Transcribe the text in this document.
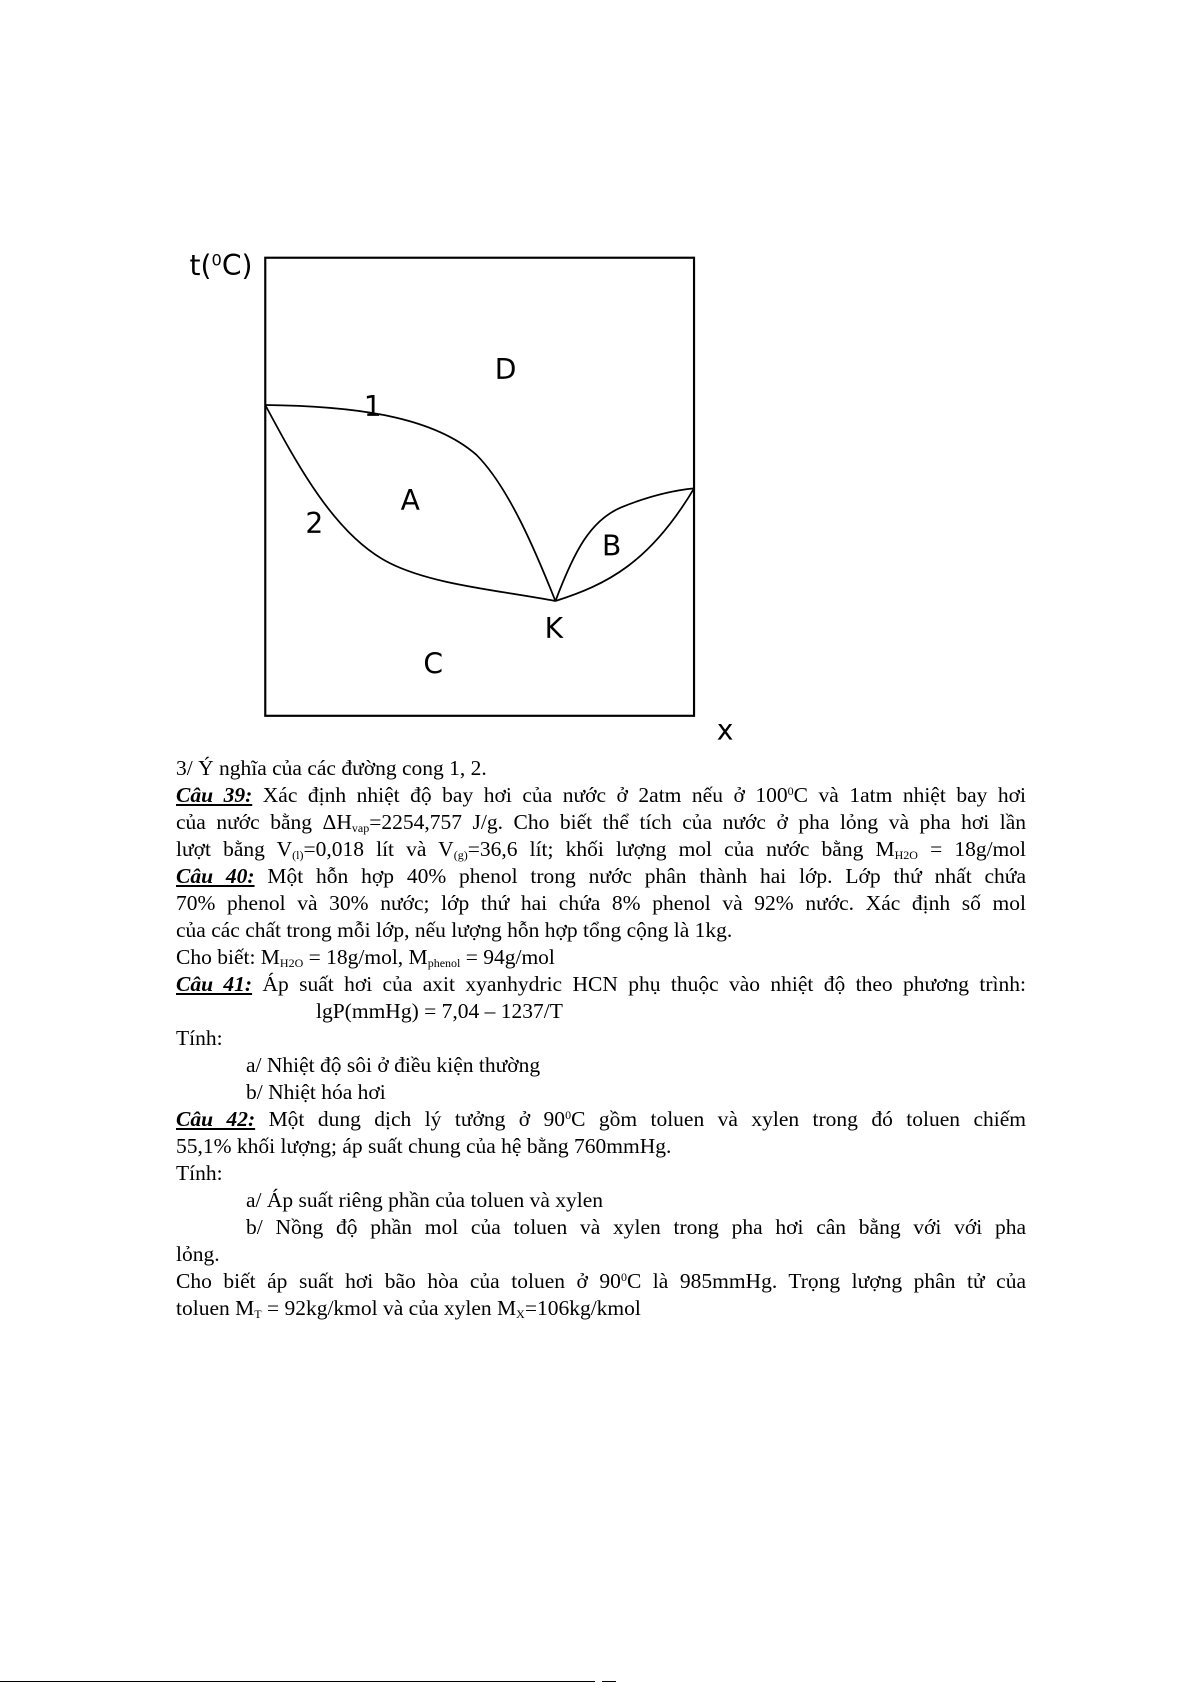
t($^0$C)
x
D
1
A
2
B
K
C
3/ Ý nghĩa của các đường cong 1, 2.
Câu 39: Xác định nhiệt độ bay hơi của nước ở 2atm nếu ở $100^0C$ và 1atm nhiệt bay hơi
của nước bằng $\Delta H_{vap}=2254,757$ J/g. Cho biết thể tích của nước ở pha lỏng và pha hơi lần
lượt bằng $V_{(l)}=0,018$ lít và $V_{(g)}=36,6$ lít; khối lượng mol của nước bằng $M_{H2O} = 18g/mol$
Câu 40: Một hỗn hợp 40% phenol trong nước phân thành hai lớp. Lớp thứ nhất chứa
70% phenol và 30% nước; lớp thứ hai chứa 8% phenol và 92% nước. Xác định số mol
của các chất trong mỗi lớp, nếu lượng hỗn hợp tổng cộng là 1kg.
Cho biết: $M_{H2O} = 18g/mol$, $M_{phenol} = 94g/mol$
Câu 41: Áp suất hơi của axit xyanhydric HCN phụ thuộc vào nhiệt độ theo phương trình:
lgP(mmHg) = 7,04 – 1237/T
Tính:
a/ Nhiệt độ sôi ở điều kiện thường
b/ Nhiệt hóa hơi
Câu 42: Một dung dịch lý tưởng ở $90^0C$ gồm toluen và xylen trong đó toluen chiếm
55,1% khối lượng; áp suất chung của hệ bằng 760mmHg.
Tính:
a/ Áp suất riêng phần của toluen và xylen
b/ Nồng độ phần mol của toluen và xylen trong pha hơi cân bằng với với pha
lỏng.
Cho biết áp suất hơi bão hòa của toluen ở $90^0C$ là 985mmHg. Trọng lượng phân tử của
toluen $M_T$ = 92kg/kmol và của xylen $M_X=106kg$/kmol
